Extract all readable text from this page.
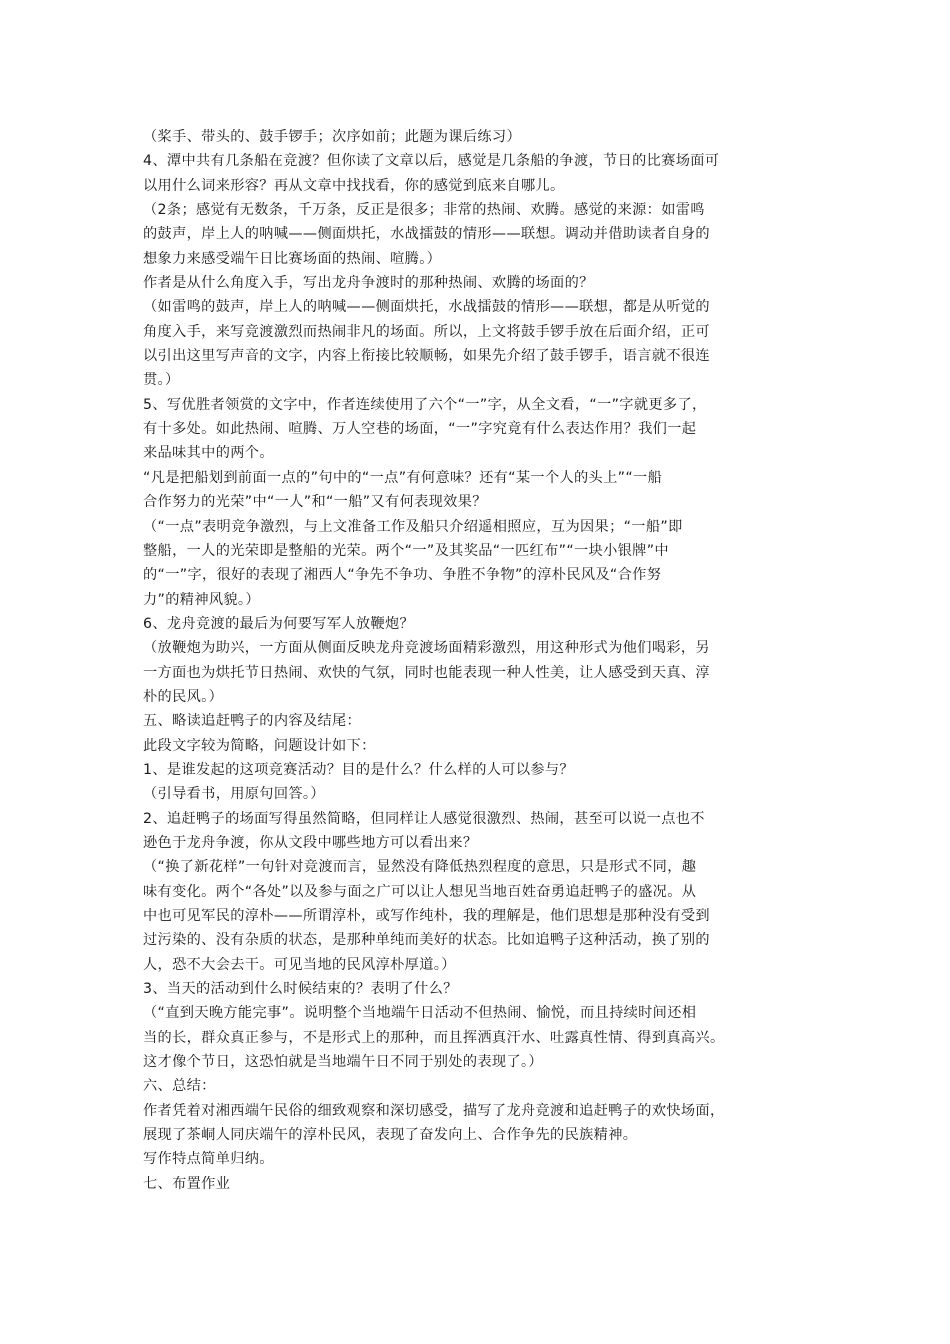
（桨手、带头的、鼓手锣手；次序如前；此题为课后练习）
4、潭中共有几条船在竞渡？但你读了文章以后，感觉是几条船的争渡，节日的比赛场面可
以用什么词来形容？再从文章中找找看，你的感觉到底来自哪儿。
（2条；感觉有无数条，千万条，反正是很多；非常的热闹、欢腾。感觉的来源：如雷鸣
的鼓声，岸上人的呐喊——侧面烘托，水战擂鼓的情形——联想。调动并借助读者自身的
想象力来感受端午日比赛场面的热闹、喧腾。）
作者是从什么角度入手，写出龙舟争渡时的那种热闹、欢腾的场面的？
（如雷鸣的鼓声，岸上人的呐喊——侧面烘托，水战擂鼓的情形——联想，都是从听觉的
角度入手，来写竞渡激烈而热闹非凡的场面。所以，上文将鼓手锣手放在后面介绍，正可
以引出这里写声音的文字，内容上衔接比较顺畅，如果先介绍了鼓手锣手，语言就不很连
贯。）
5、写优胜者领赏的文字中，作者连续使用了六个“一”字，从全文看，“一”字就更多了，
有十多处。如此热闹、喧腾、万人空巷的场面，“一”字究竟有什么表达作用？我们一起
来品味其中的两个。
“凡是把船划到前面一点的”句中的“一点”有何意味？还有“某一个人的头上”“一船
合作努力的光荣”中“一人”和“一船”又有何表现效果？
（“一点”表明竞争激烈，与上文准备工作及船只介绍遥相照应，互为因果；“一船”即
整船，一人的光荣即是整船的光荣。两个“一”及其奖品“一匹红布”“一块小银牌”中
的“一”字，很好的表现了湘西人“争先不争功、争胜不争物”的淳朴民风及“合作努
力”的精神风貌。）
6、龙舟竞渡的最后为何要写军人放鞭炮？
（放鞭炮为助兴，一方面从侧面反映龙舟竞渡场面精彩激烈，用这种形式为他们喝彩，另
一方面也为烘托节日热闹、欢快的气氛，同时也能表现一种人性美，让人感受到天真、淳
朴的民风。）
五、略读追赶鸭子的内容及结尾：
此段文字较为简略，问题设计如下：
1、是谁发起的这项竞赛活动？目的是什么？什么样的人可以参与？
（引导看书，用原句回答。）
2、追赶鸭子的场面写得虽然简略，但同样让人感觉很激烈、热闹，甚至可以说一点也不
逊色于龙舟争渡，你从文段中哪些地方可以看出来？
（“换了新花样”一句针对竞渡而言，显然没有降低热烈程度的意思，只是形式不同，趣
味有变化。两个“各处”以及参与面之广可以让人想见当地百姓奋勇追赶鸭子的盛况。从
中也可见军民的淳朴——所谓淳朴，或写作纯朴，我的理解是，他们思想是那种没有受到
过污染的、没有杂质的状态，是那种单纯而美好的状态。比如追鸭子这种活动，换了别的
人，恐不大会去干。可见当地的民风淳朴厚道。）
3、当天的活动到什么时候结束的？表明了什么？
（“直到天晚方能完事”。说明整个当地端午日活动不但热闹、愉悦，而且持续时间还相
当的长，群众真正参与，不是形式上的那种，而且挥洒真汗水、吐露真性情、得到真高兴。
这才像个节日，这恐怕就是当地端午日不同于别处的表现了。）
六、总结：
作者凭着对湘西端午民俗的细致观察和深切感受，描写了龙舟竞渡和追赶鸭子的欢快场面，
展现了茶峒人同庆端午的淳朴民风，表现了奋发向上、合作争先的民族精神。
写作特点简单归纳。
七、布置作业
